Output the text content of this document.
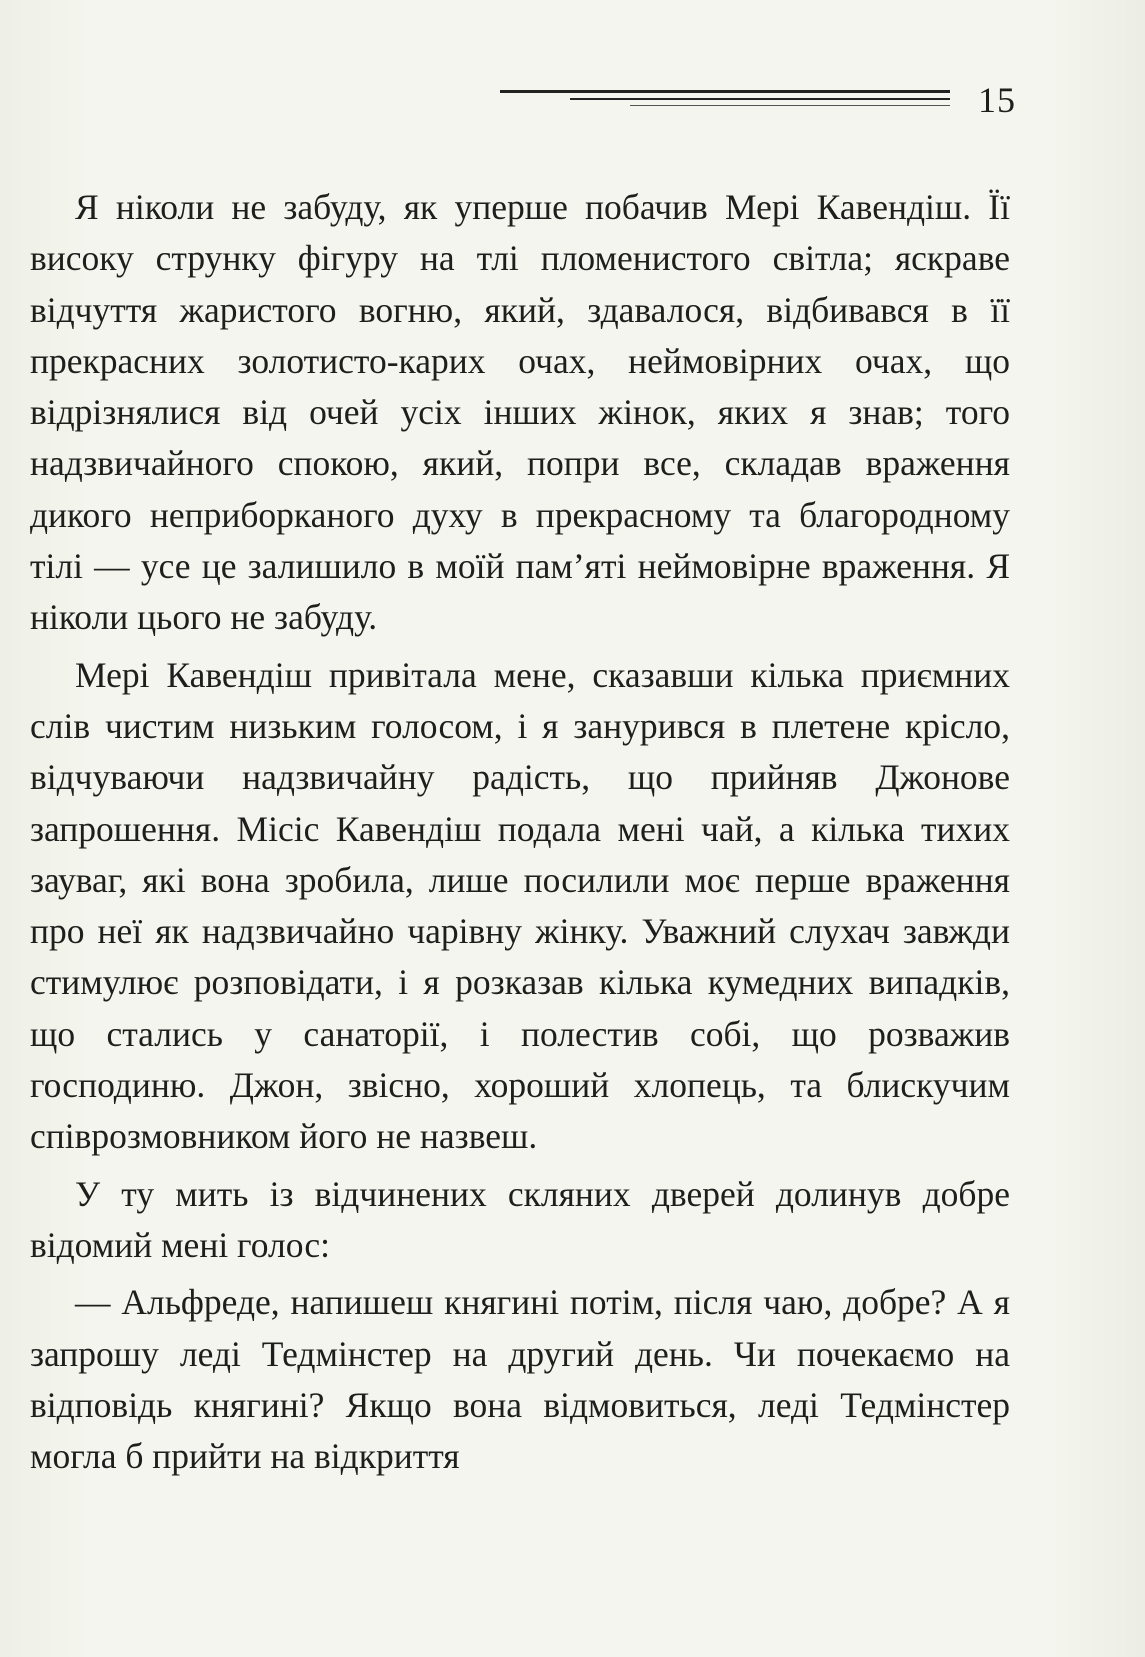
15

Я ніколи не забуду, як уперше побачив Мері Кавендіш. Її високу струнку фігуру на тлі пломенистого світла; яскраве відчуття жаристого вогню, який, здавалося, відбивався в її прекрасних золотисто-карих очах, неймовірних очах, що відрізнялися від очей усіх інших жінок, яких я знав; того надзвичайного спокою, який, попри все, складав враження дикого неприборканого духу в прекрасному та благородному тілі — усе це залишило в моїй пам’яті неймовірне враження. Я ніколи цього не забуду.

Мері Кавендіш привітала мене, сказавши кілька приємних слів чистим низьким голосом, і я занурився в плетене крісло, відчуваючи надзвичайну радість, що прийняв Джонове запрошення. Місіс Кавендіш подала мені чай, а кілька тихих зауваг, які вона зробила, лише посилили моє перше враження про неї як надзвичайно чарівну жінку. Уважний слухач завжди стимулює розповідати, і я розказав кілька кумедних випадків, що стались у санаторії, і полестив собі, що розважив господиню. Джон, звісно, хороший хлопець, та блискучим співрозмовником його не назвеш.

У ту мить із відчинених скляних дверей долинув добре відомий мені голос:

— Альфреде, напишеш княгині потім, після чаю, добре? А я запрошу леді Тедмінстер на другий день. Чи почекаємо на відповідь княгині? Якщо вона відмовиться, леді Тедмінстер могла б прийти на відкриття
